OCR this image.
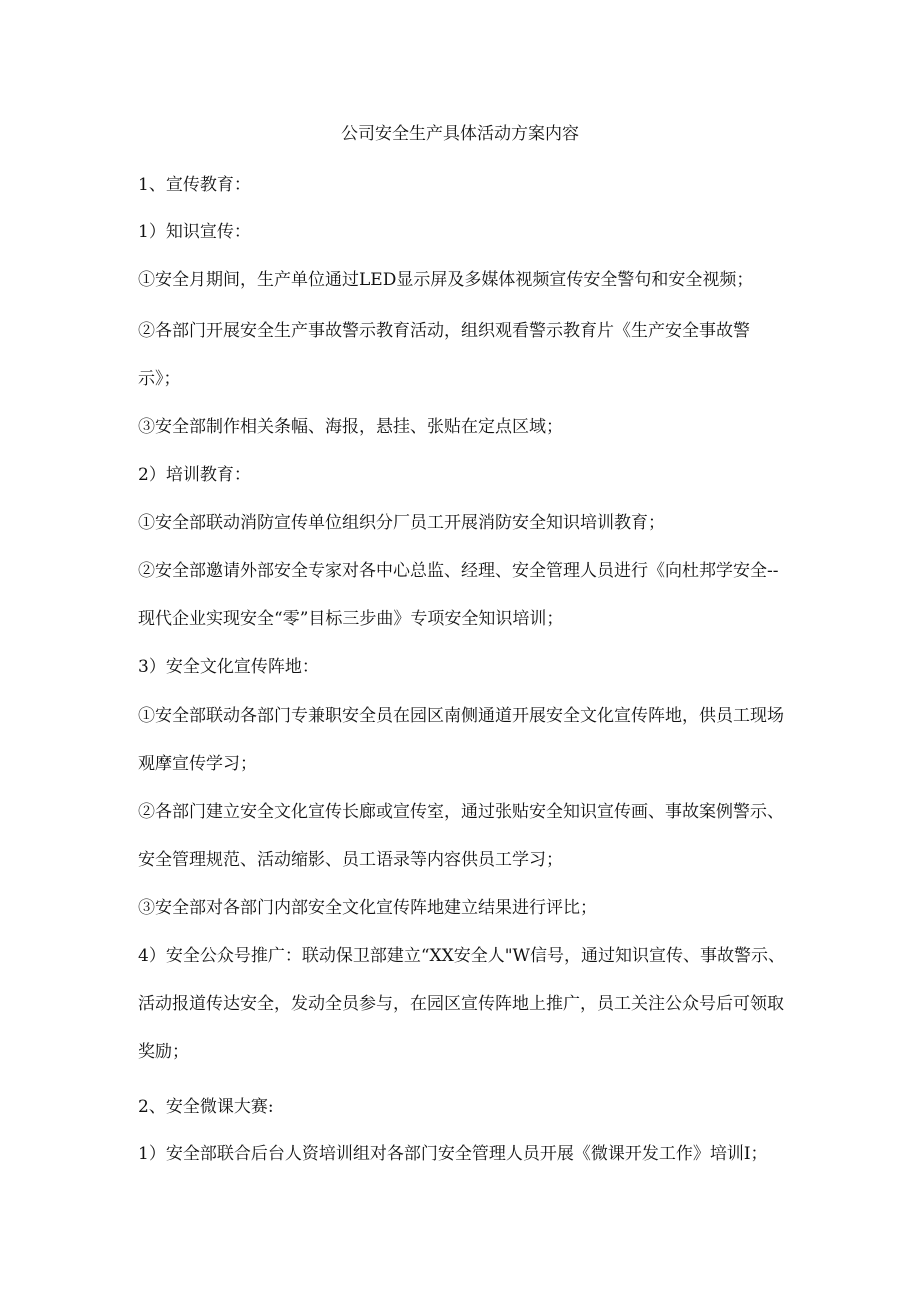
公司安全生产具体活动方案内容
1、宣传教育：
1）知识宣传：
①安全月期间，生产单位通过LED显示屏及多媒体视频宣传安全警句和安全视频；
②各部门开展安全生产事故警示教育活动，组织观看警示教育片《生产安全事故警
示》；
③安全部制作相关条幅、海报，悬挂、张贴在定点区域；
2）培训教育：
①安全部联动消防宣传单位组织分厂员工开展消防安全知识培训教育；
②安全部邀请外部安全专家对各中心总监、经理、安全管理人员进行《向杜邦学安全--
现代企业实现安全“零”目标三步曲》专项安全知识培训；
3）安全文化宣传阵地：
①安全部联动各部门专兼职安全员在园区南侧通道开展安全文化宣传阵地，供员工现场
观摩宣传学习；
②各部门建立安全文化宣传长廊或宣传室，通过张贴安全知识宣传画、事故案例警示、
安全管理规范、活动缩影、员工语录等内容供员工学习；
③安全部对各部门内部安全文化宣传阵地建立结果进行评比；
4）安全公众号推广：联动保卫部建立“XX安全人"W信号，通过知识宣传、事故警示、
活动报道传达安全，发动全员参与，在园区宣传阵地上推广，员工关注公众号后可领取
奖励；
2、安全微课大赛:
1）安全部联合后台人资培训组对各部门安全管理人员开展《微课开发工作》培训I；
